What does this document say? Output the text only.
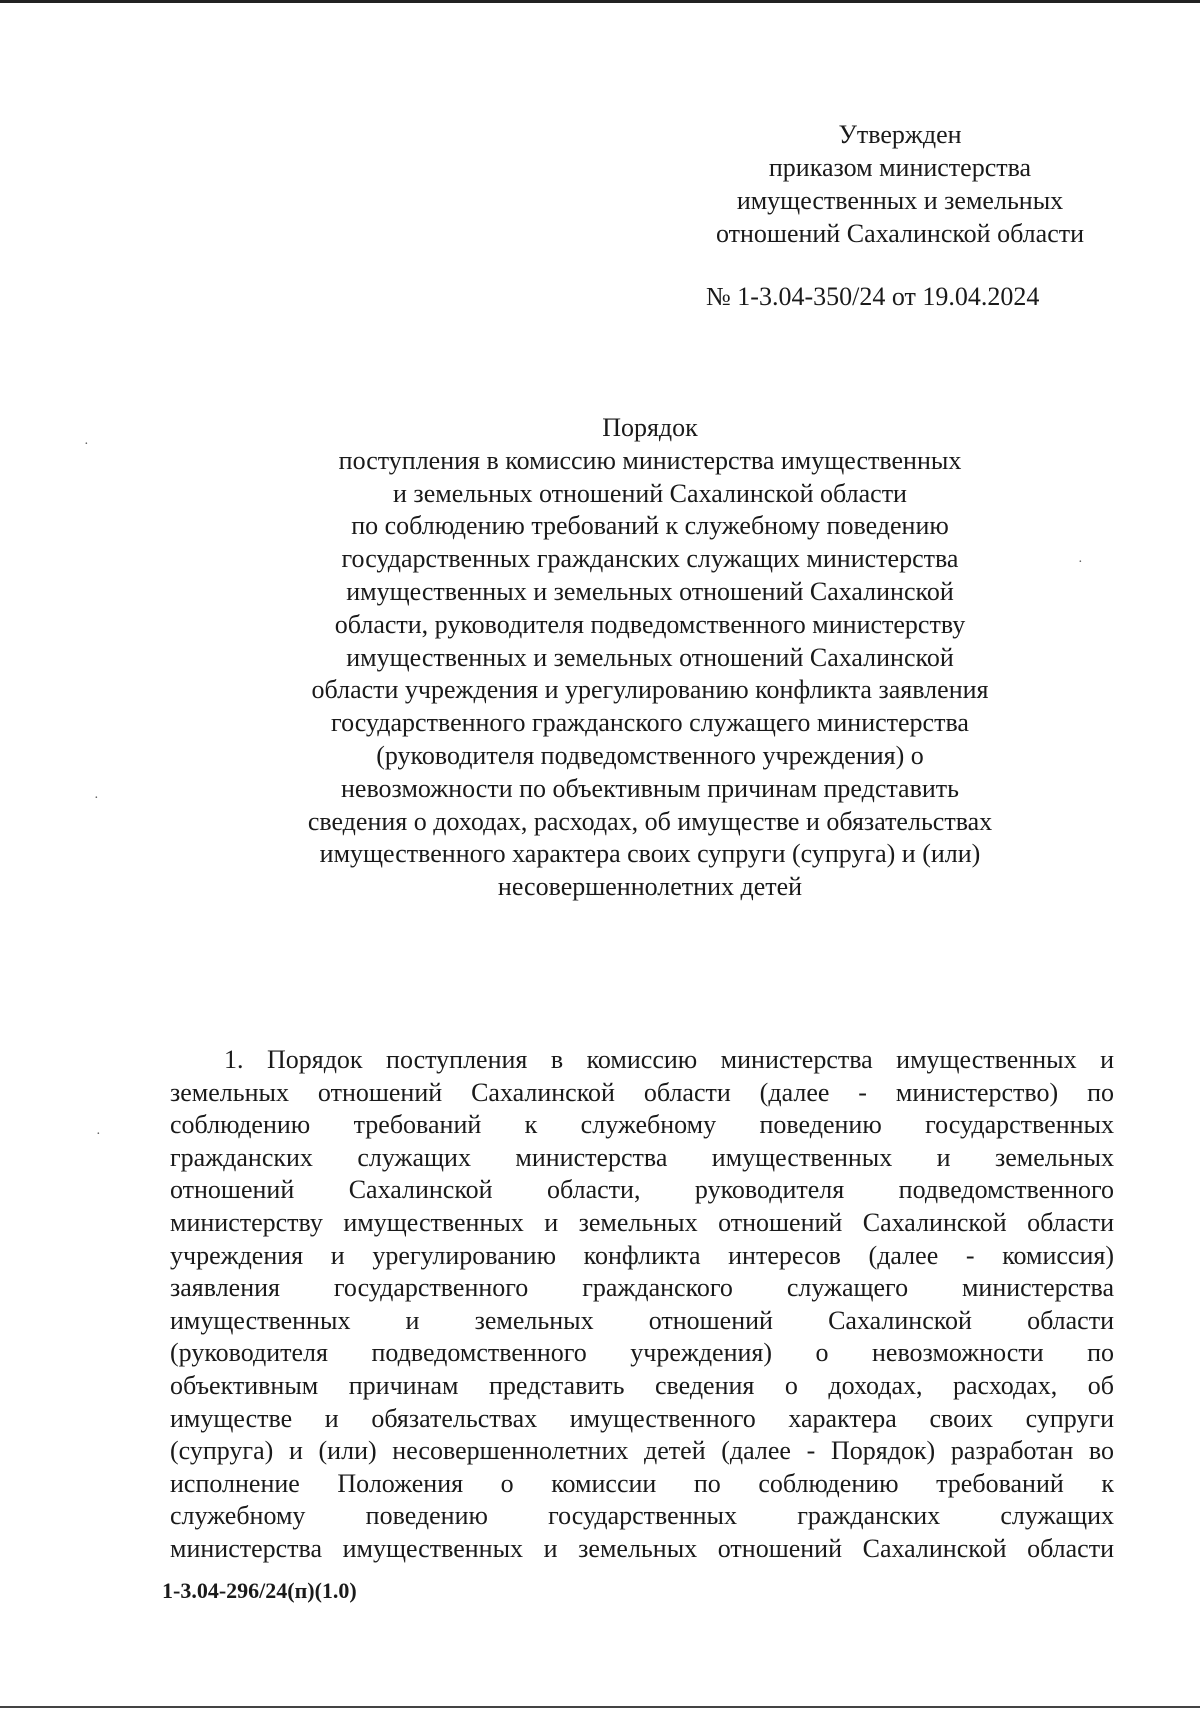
Утвержден
приказом министерства
имущественных и земельных
отношений Сахалинской области
№ 1-3.04-350/24 от 19.04.2024
Порядок
поступления в комиссию министерства имущественных
и земельных отношений Сахалинской области
по соблюдению требований к служебному поведению
государственных гражданских служащих министерства
имущественных и земельных отношений Сахалинской
области, руководителя подведомственного министерству
имущественных и земельных отношений Сахалинской
области учреждения и урегулированию конфликта заявления
государственного гражданского служащего министерства
(руководителя подведомственного учреждения) о
невозможности по объективным причинам представить
сведения о доходах, расходах, об имуществе и обязательствах
имущественного характера своих супруги (супруга) и (или)
несовершеннолетних детей
1. Порядок поступления в комиссию министерства имущественных и
земельных отношений Сахалинской области (далее - министерство) по
соблюдению требований к служебному поведению государственных
гражданских служащих министерства имущественных и земельных
отношений Сахалинской области, руководителя подведомственного
министерству имущественных и земельных отношений Сахалинской области
учреждения и урегулированию конфликта интересов (далее - комиссия)
заявления государственного гражданского служащего министерства
имущественных и земельных отношений Сахалинской области
(руководителя подведомственного учреждения) о невозможности по
объективным причинам представить сведения о доходах, расходах, об
имуществе и обязательствах имущественного характера своих супруги
(супруга) и (или) несовершеннолетних детей (далее - Порядок) разработан во
исполнение Положения о комиссии по соблюдению требований к
служебному поведению государственных гражданских служащих
министерства имущественных и земельных отношений Сахалинской области
1-3.04-296/24(п)(1.0)
·
·
·
·
